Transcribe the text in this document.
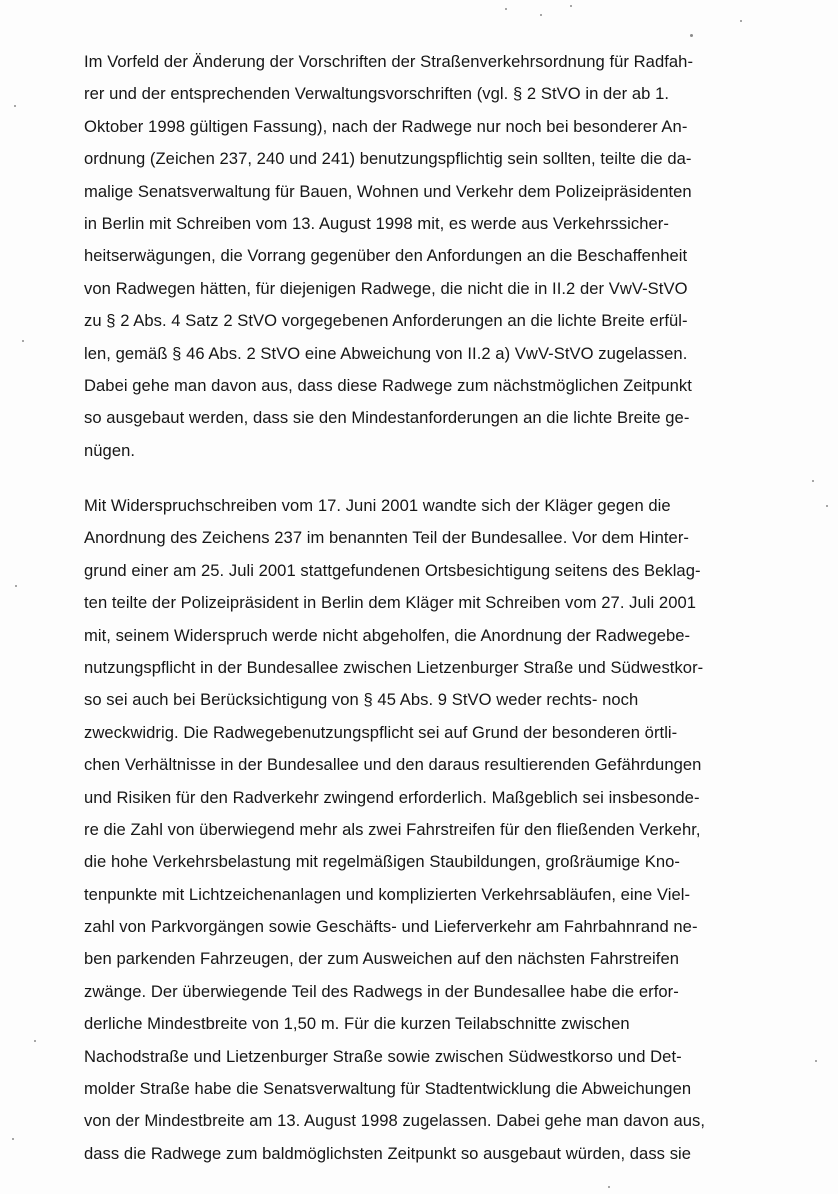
Im Vorfeld der Änderung der Vorschriften der Straßenverkehrsordnung für Radfah-
rer und der entsprechenden Verwaltungsvorschriften (vgl. § 2 StVO in der ab 1.
Oktober 1998 gültigen Fassung), nach der Radwege nur noch bei besonderer An-
ordnung (Zeichen 237, 240 und 241) benutzungspflichtig sein sollten, teilte die da-
malige Senatsverwaltung für Bauen, Wohnen und Verkehr dem Polizeipräsidenten
in Berlin mit Schreiben vom 13. August 1998 mit, es werde aus Verkehrssicher-
heitserwägungen, die Vorrang gegenüber den Anfordungen an die Beschaffenheit
von Radwegen hätten, für diejenigen Radwege, die nicht die in II.2 der VwV-StVO
zu § 2 Abs. 4 Satz 2 StVO vorgegebenen Anforderungen an die lichte Breite erfül-
len, gemäß § 46 Abs. 2 StVO eine Abweichung von II.2 a) VwV-StVO zugelassen.
Dabei gehe man davon aus, dass diese Radwege zum nächstmöglichen Zeitpunkt
so ausgebaut werden, dass sie den Mindestanforderungen an die lichte Breite ge-
nügen.
Mit Widerspruchschreiben vom 17. Juni 2001 wandte sich der Kläger gegen die
Anordnung des Zeichens 237 im benannten Teil der Bundesallee. Vor dem Hinter-
grund einer am 25. Juli 2001 stattgefundenen Ortsbesichtigung seitens des Beklag-
ten teilte der Polizeipräsident in Berlin dem Kläger mit Schreiben vom 27. Juli 2001
mit, seinem Widerspruch werde nicht abgeholfen, die Anordnung der Radwegebe-
nutzungspflicht in der Bundesallee zwischen Lietzenburger Straße und Südwestkor-
so sei auch bei Berücksichtigung von § 45 Abs. 9 StVO weder rechts- noch
zweckwidrig. Die Radwegebenutzungspflicht sei auf Grund der besonderen örtli-
chen Verhältnisse in der Bundesallee und den daraus resultierenden Gefährdungen
und Risiken für den Radverkehr zwingend erforderlich. Maßgeblich sei insbesonde-
re die Zahl von überwiegend mehr als zwei Fahrstreifen für den fließenden Verkehr,
die hohe Verkehrsbelastung mit regelmäßigen Staubildungen, großräumige Kno-
tenpunkte mit Lichtzeichenanlagen und komplizierten Verkehrsabläufen, eine Viel-
zahl von Parkvorgängen sowie Geschäfts- und Lieferverkehr am Fahrbahnrand ne-
ben parkenden Fahrzeugen, der zum Ausweichen auf den nächsten Fahrstreifen
zwänge. Der überwiegende Teil des Radwegs in der Bundesallee habe die erfor-
derliche Mindestbreite von 1,50 m. Für die kurzen Teilabschnitte zwischen
Nachodstraße und Lietzenburger Straße sowie zwischen Südwestkorso und Det-
molder Straße habe die Senatsverwaltung für Stadtentwicklung die Abweichungen
von der Mindestbreite am 13. August 1998 zugelassen. Dabei gehe man davon aus,
dass die Radwege zum baldmöglichsten Zeitpunkt so ausgebaut würden, dass sie
